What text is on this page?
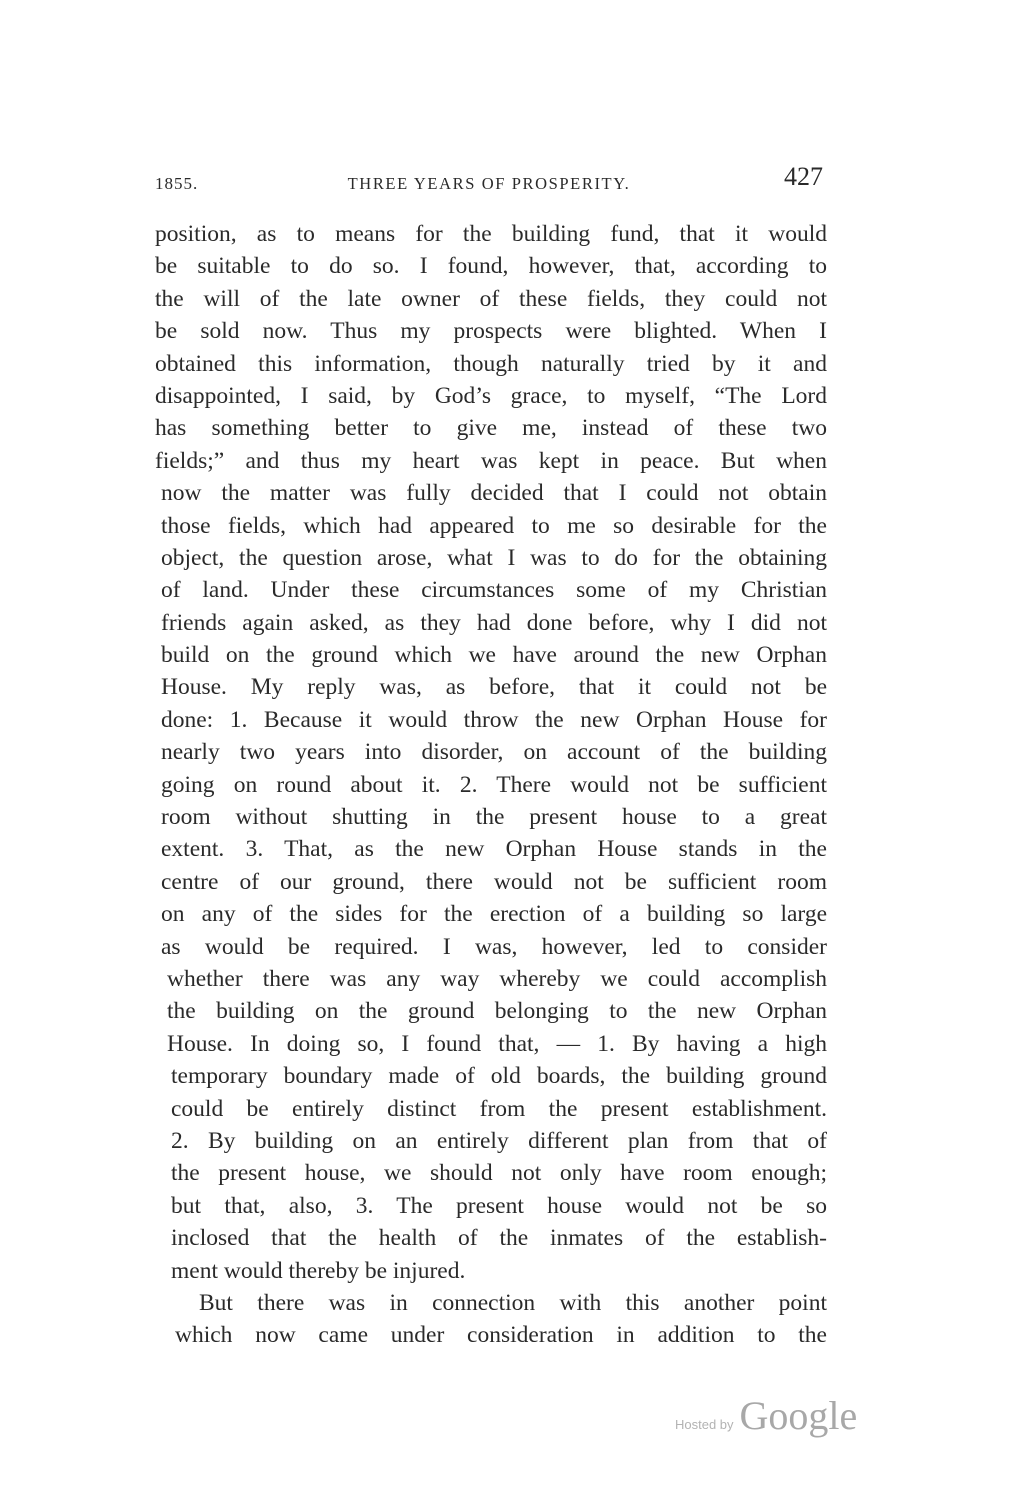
1855.	THREE YEARS OF PROSPERITY.	427
position, as to means for the building fund, that it would
be suitable to do so. I found, however, that, according to
the will of the late owner of these fields, they could not
be sold now. Thus my prospects were blighted. When I
obtained this information, though naturally tried by it and
disappointed, I said, by God’s grace, to myself, “The Lord
has something better to give me, instead of these two
fields;” and thus my heart was kept in peace. But when
now the matter was fully decided that I could not obtain
those fields, which had appeared to me so desirable for the
object, the question arose, what I was to do for the obtaining
of land. Under these circumstances some of my Christian
friends again asked, as they had done before, why I did not
build on the ground which we have around the new Orphan
House. My reply was, as before, that it could not be
done: 1. Because it would throw the new Orphan House for
nearly two years into disorder, on account of the building
going on round about it. 2. There would not be sufficient
room without shutting in the present house to a great
extent. 3. That, as the new Orphan House stands in the
centre of our ground, there would not be sufficient room
on any of the sides for the erection of a building so large
as would be required. I was, however, led to consider
whether there was any way whereby we could accomplish
the building on the ground belonging to the new Orphan
House. In doing so, I found that, — 1. By having a high
temporary boundary made of old boards, the building ground
could be entirely distinct from the present establishment.
2. By building on an entirely different plan from that of
the present house, we should not only have room enough;
but that, also, 3. The present house would not be so
inclosed that the health of the inmates of the establish-
ment would thereby be injured.
But there was in connection with this another point
which now came under consideration in addition to the
Hosted by Google
